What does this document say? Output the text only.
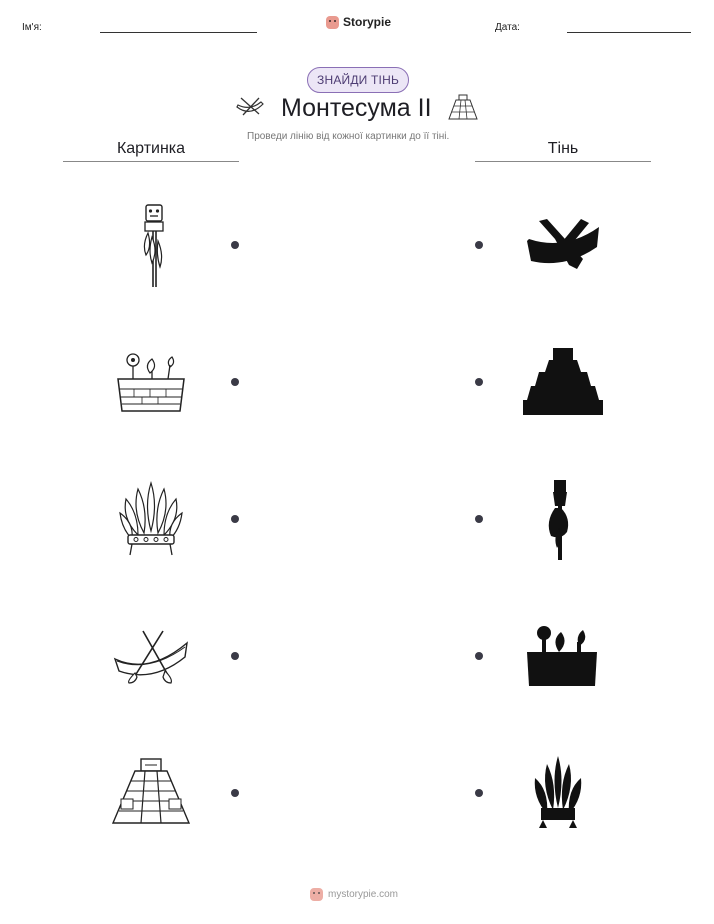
Ім'я:	Storypie	Дата:
ЗНАЙДИ ТІНЬ
Монтесума II
Проведи лінію від кожної картинки до її тіні.
Картинка	Тінь
mystorypie.com
